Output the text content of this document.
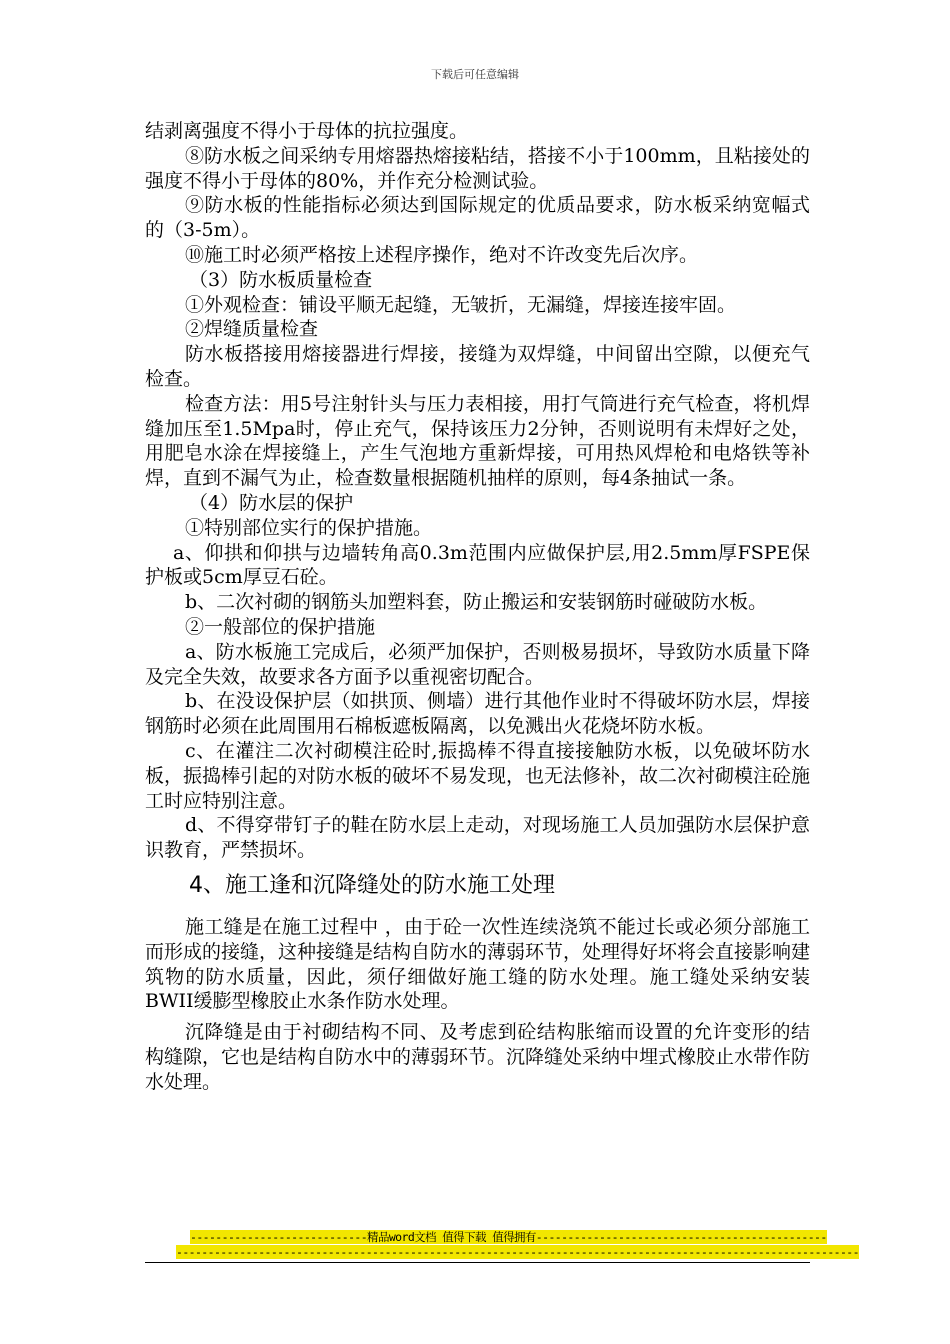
下载后可任意编辑

结剥离强度不得小于母体的抗拉强度。

⑧防水板之间采纳专用熔器热熔接粘结，搭接不小于100mm，且粘接处的强度不得小于母体的80%，并作充分检测试验。

⑨防水板的性能指标必须达到国际规定的优质品要求，防水板采纳宽幅式的（3-5m）。

⑩施工时必须严格按上述程序操作，绝对不许改变先后次序。

（3）防水板质量检查

①外观检查：铺设平顺无起缝，无皱折，无漏缝，焊接连接牢固。

②焊缝质量检查

防水板搭接用熔接器进行焊接，接缝为双焊缝，中间留出空隙，以便充气检查。

检查方法：用5号注射针头与压力表相接，用打气筒进行充气检查，将机焊缝加压至1.5Mpa时，停止充气，保持该压力2分钟，否则说明有未焊好之处，用肥皂水涂在焊接缝上，产生气泡地方重新焊接，可用热风焊枪和电烙铁等补焊，直到不漏气为止，检查数量根据随机抽样的原则，每4条抽试一条。

（4）防水层的保护

①特别部位实行的保护措施。

a、仰拱和仰拱与边墙转角高0.3m范围内应做保护层,用2.5mm厚FSPE保护板或5cm厚豆石砼。

b、二次衬砌的钢筋头加塑料套，防止搬运和安装钢筋时碰破防水板。

②一般部位的保护措施

a、防水板施工完成后，必须严加保护，否则极易损坏，导致防水质量下降及完全失效，故要求各方面予以重视密切配合。

b、在没设保护层（如拱顶、侧墙）进行其他作业时不得破坏防水层，焊接钢筋时必须在此周围用石棉板遮板隔离，以免溅出火花烧坏防水板。

c、在灌注二次衬砌模注砼时,振捣棒不得直接接触防水板，以免破坏防水板，振捣棒引起的对防水板的破坏不易发现，也无法修补，故二次衬砌模注砼施工时应特别注意。

d、不得穿带钉子的鞋在防水层上走动，对现场施工人员加强防水层保护意识教育，严禁损坏。

4、施工逢和沉降缝处的防水施工处理

施工缝是在施工过程中 ，由于砼一次性连续浇筑不能过长或必须分部施工而形成的接缝，这种接缝是结构自防水的薄弱环节，处理得好坏将会直接影响建筑物的防水质量，因此，须仔细做好施工缝的防水处理。施工缝处采纳安装BWII缓膨型橡胶止水条作防水处理。

沉降缝是由于衬砌结构不同、及考虑到砼结构胀缩而设置的允许变形的结构缝隙，它也是结构自防水中的薄弱环节。沉降缝处采纳中埋式橡胶止水带作防水处理。

----------------------------精品word文档 值得下载 值得拥有----------------------------------------------
------------------------------------------------------------------------------------------------------------
